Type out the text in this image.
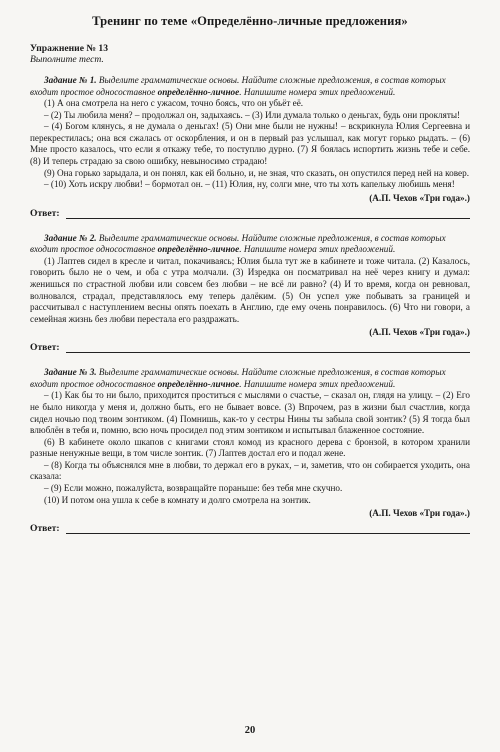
Тренинг по теме «Определённо-личные предложения»
Упражнение № 13
Выполните тест.

Задание № 1. Выделите грамматические основы. Найдите сложные предложения, в состав которых входит простое односоставное определённо-личное. Напишите номера этих предложений.

(1) А она смотрела на него с ужасом, точно боясь, что он убьёт её.

– (2) Ты любила меня? – продолжал он, задыхаясь. – (3) Или думала только о деньгах, будь они прокляты!

– (4) Богом клянусь, я не думала о деньгах! (5) Они мне были не нужны! – вскрикнула Юлия Сергеевна и перекрестилась; она вся сжалась от оскорбления, и он в первый раз услышал, как могут горько рыдать. – (6) Мне просто казалось, что если я откажу тебе, то поступлю дурно. (7) Я боялась испортить жизнь тебе и себе. (8) И теперь страдаю за свою ошибку, невыносимо страдаю!

(9) Она горько зарыдала, и он понял, как ей больно, и, не зная, что сказать, он опустился перед ней на ковер.

– (10) Хоть искру любви! – бормотал он. – (11) Юлия, ну, солги мне, что ты хоть капельку любишь меня!

(А.П. Чехов «Три года».)
Ответ:

Задание № 2. Выделите грамматические основы. Найдите сложные предложения, в состав которых входит простое односоставное определённо-личное. Напишите номера этих предложений.

(1) Лаптев сидел в кресле и читал, покачиваясь; Юлия была тут же в кабинете и тоже читала. (2) Казалось, говорить было не о чем, и оба с утра молчали. (3) Изредка он посматривал на неё через книгу и думал: женишься по страстной любви или совсем без любви – не всё ли равно? (4) И то время, когда он ревновал, волновался, страдал, представлялось ему теперь далёким. (5) Он успел уже побывать за границей и рассчитывал с наступлением весны опять поехать в Англию, где ему очень понравилось. (6) Что ни говори, а семейная жизнь без любви перестала его раздражать.

(А.П. Чехов «Три года».)
Ответ:

Задание № 3. Выделите грамматические основы. Найдите сложные предложения, в состав которых входит простое односоставное определённо-личное. Напишите номера этих предложений.

– (1) Как бы то ни было, приходится проститься с мыслями о счастье, – сказал он, глядя на улицу. – (2) Его не было никогда у меня и, должно быть, его не бывает вовсе. (3) Впрочем, раз в жизни был счастлив, когда сидел ночью под твоим зонтиком. (4) Помнишь, как-то у сестры Нины ты забыла свой зонтик? (5) Я тогда был влюблён в тебя и, помню, всю ночь просидел под этим зонтиком и испытывал блаженное состояние.

(6) В кабинете около шкапов с книгами стоял комод из красного дерева с бронзой, в котором хранили разные ненужные вещи, в том числе зонтик. (7) Лаптев достал его и подал жене.

– (8) Когда ты объяснялся мне в любви, то держал его в руках, – и, заметив, что он собирается уходить, она сказала:

– (9) Если можно, пожалуйста, возвращайте пораньше: без тебя мне скучно.

(10) И потом она ушла к себе в комнату и долго смотрела на зонтик.

(А.П. Чехов «Три года».)
Ответ:
20
